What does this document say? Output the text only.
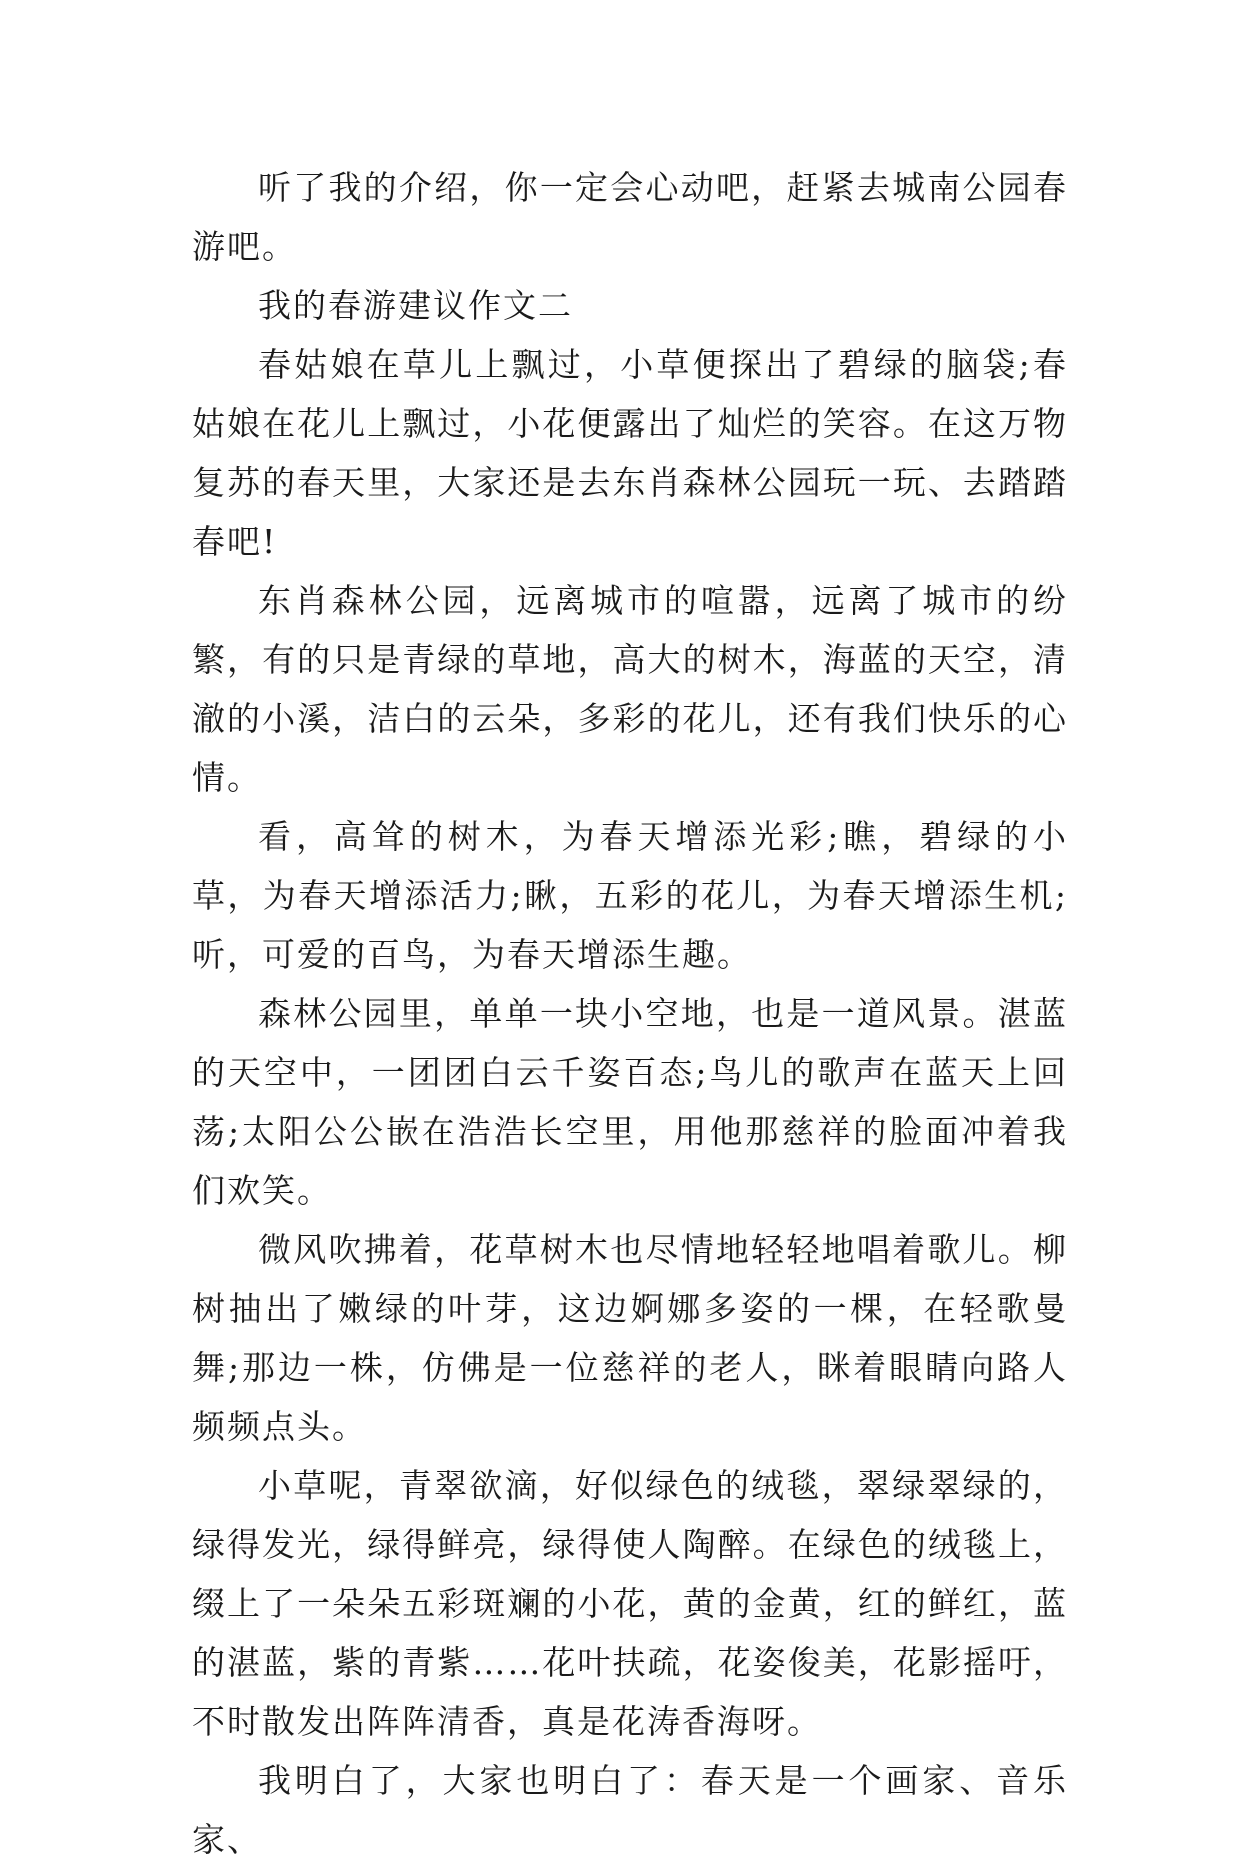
听了我的介绍，你一定会心动吧，赶紧去城南公园春游吧。

我的春游建议作文二

春姑娘在草儿上飘过，小草便探出了碧绿的脑袋;春姑娘在花儿上飘过，小花便露出了灿烂的笑容。在这万物复苏的春天里，大家还是去东肖森林公园玩一玩、去踏踏春吧!

东肖森林公园，远离城市的喧嚣，远离了城市的纷繁，有的只是青绿的草地，高大的树木，海蓝的天空，清澈的小溪，洁白的云朵，多彩的花儿，还有我们快乐的心情。

看，高耸的树木，为春天增添光彩;瞧，碧绿的小草，为春天增添活力;瞅，五彩的花儿，为春天增添生机;听，可爱的百鸟，为春天增添生趣。

森林公园里，单单一块小空地，也是一道风景。湛蓝的天空中，一团团白云千姿百态;鸟儿的歌声在蓝天上回荡;太阳公公嵌在浩浩长空里，用他那慈祥的脸面冲着我们欢笑。

微风吹拂着，花草树木也尽情地轻轻地唱着歌儿。柳树抽出了嫩绿的叶芽，这边婀娜多姿的一棵，在轻歌曼舞;那边一株，仿佛是一位慈祥的老人，眯着眼睛向路人频频点头。

小草呢，青翠欲滴，好似绿色的绒毯，翠绿翠绿的，绿得发光，绿得鲜亮，绿得使人陶醉。在绿色的绒毯上，缀上了一朵朵五彩斑斓的小花，黄的金黄，红的鲜红，蓝的湛蓝，紫的青紫……花叶扶疏，花姿俊美，花影摇吁，不时散发出阵阵清香，真是花涛香海呀。

我明白了，大家也明白了：春天是一个画家、音乐家、
